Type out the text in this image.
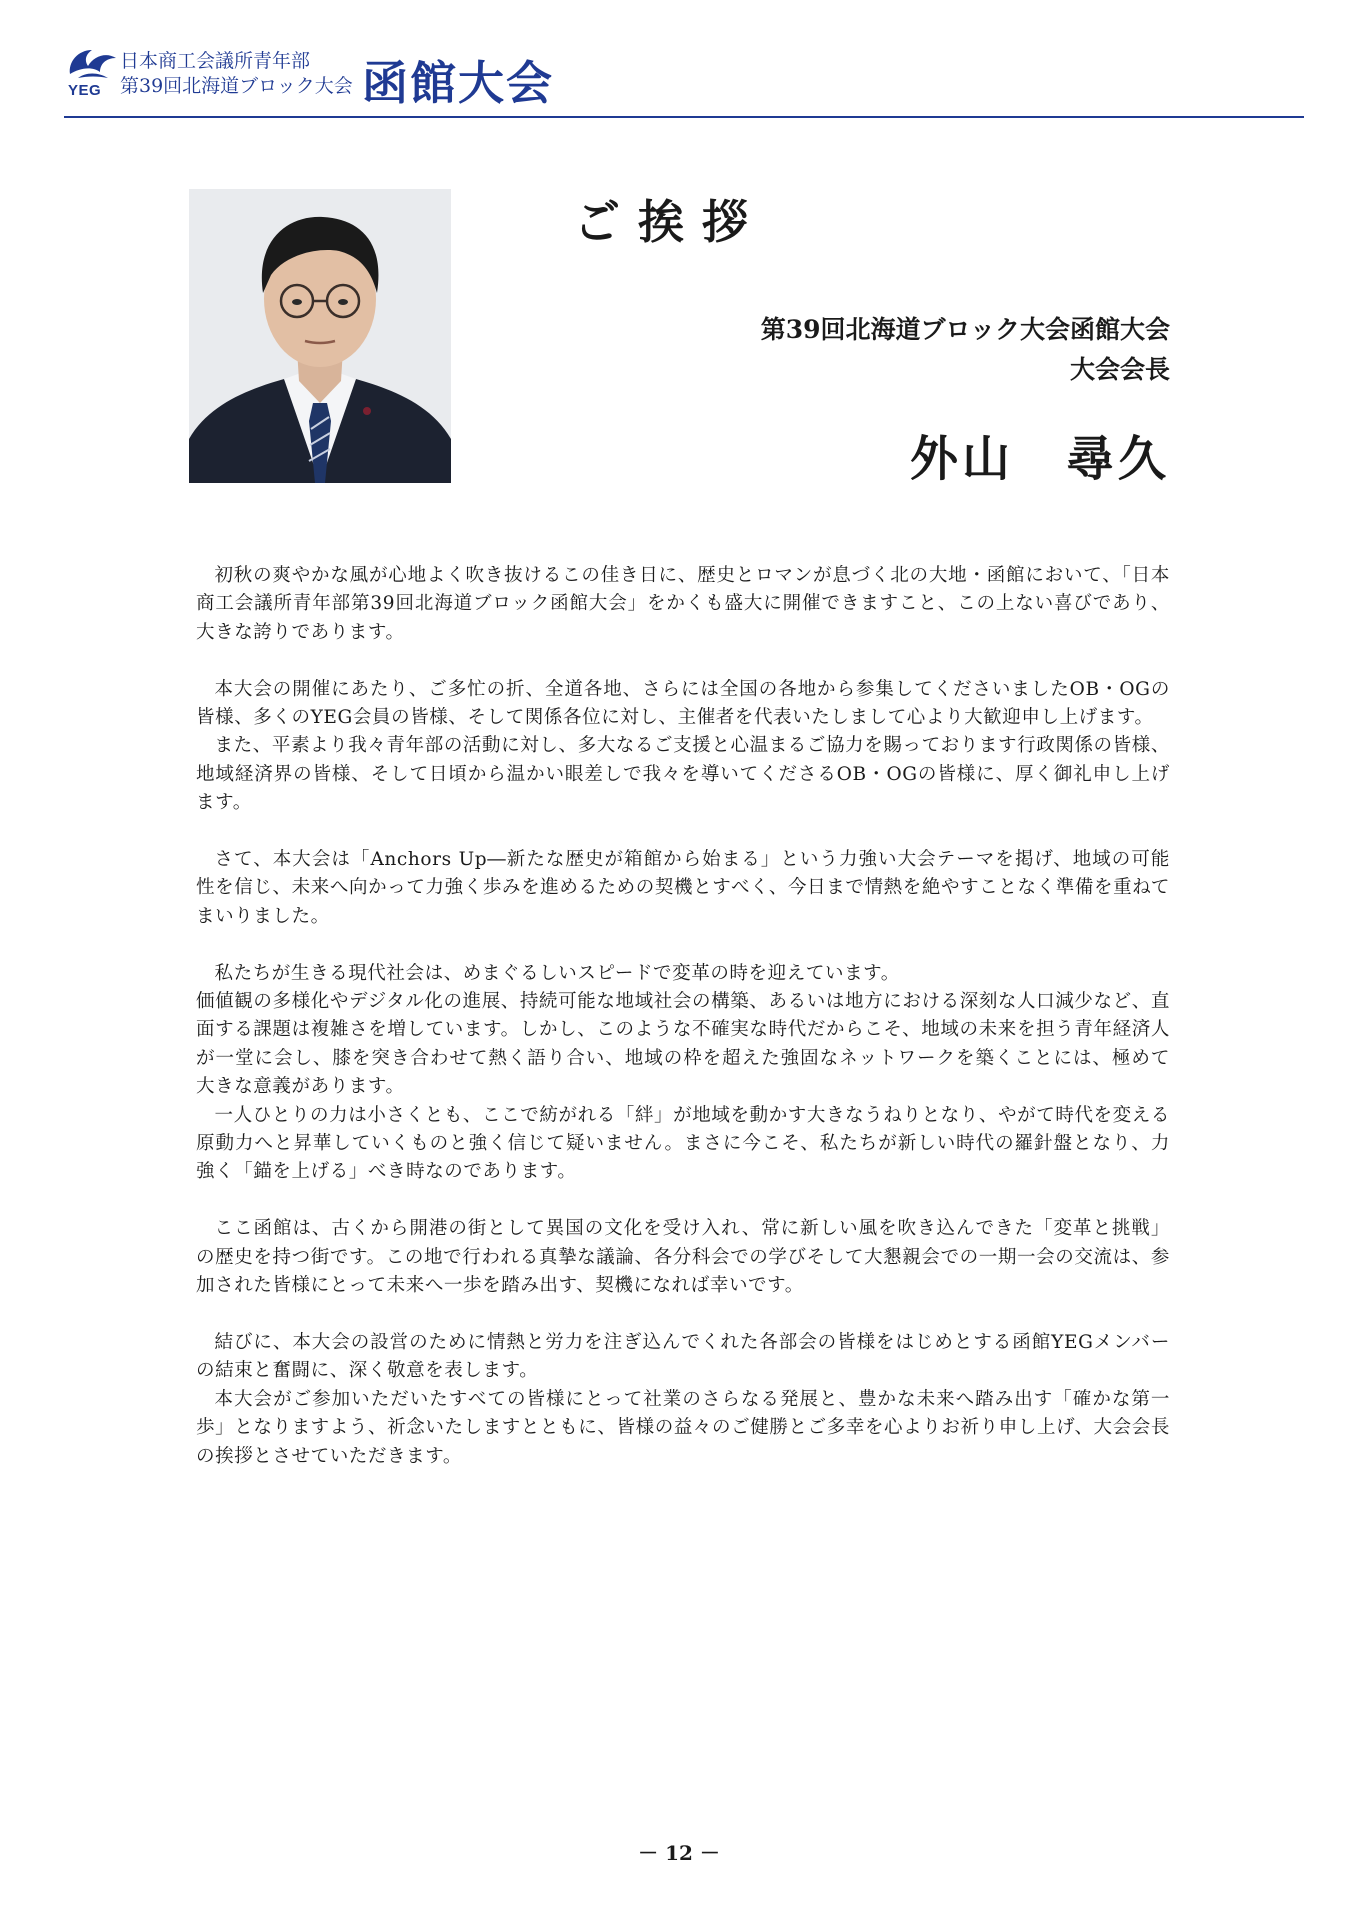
YEG
日本商工会議所青年部
第39回北海道ブロック大会 函館大会
ご挨拶
第39回北海道ブロック大会函館大会
大会会長
外山　尋久

初秋の爽やかな風が心地よく吹き抜けるこの佳き日に、歴史とロマンが息づく北の大地・函館において、「日本商工会議所青年部第39回北海道ブロック函館大会」をかくも盛大に開催できますこと、この上ない喜びであり、大きな誇りであります。

本大会の開催にあたり、ご多忙の折、全道各地、さらには全国の各地から参集してくださいましたOB・OGの皆様、多くのYEG会員の皆様、そして関係各位に対し、主催者を代表いたしまして心より大歓迎申し上げます。

また、平素より我々青年部の活動に対し、多大なるご支援と心温まるご協力を賜っております行政関係の皆様、地域経済界の皆様、そして日頃から温かい眼差しで我々を導いてくださるOB・OGの皆様に、厚く御礼申し上げます。

さて、本大会は「Anchors Up―新たな歴史が箱館から始まる」という力強い大会テーマを掲げ、地域の可能性を信じ、未来へ向かって力強く歩みを進めるための契機とすべく、今日まで情熱を絶やすことなく準備を重ねてまいりました。

私たちが生きる現代社会は、めまぐるしいスピードで変革の時を迎えています。

価値観の多様化やデジタル化の進展、持続可能な地域社会の構築、あるいは地方における深刻な人口減少など、直面する課題は複雑さを増しています。しかし、このような不確実な時代だからこそ、地域の未来を担う青年経済人が一堂に会し、膝を突き合わせて熱く語り合い、地域の枠を超えた強固なネットワークを築くことには、極めて大きな意義があります。

一人ひとりの力は小さくとも、ここで紡がれる「絆」が地域を動かす大きなうねりとなり、やがて時代を変える原動力へと昇華していくものと強く信じて疑いません。まさに今こそ、私たちが新しい時代の羅針盤となり、力強く「錨を上げる」べき時なのであります。

ここ函館は、古くから開港の街として異国の文化を受け入れ、常に新しい風を吹き込んできた「変革と挑戦」の歴史を持つ街です。この地で行われる真摯な議論、各分科会での学びそして大懇親会での一期一会の交流は、参加された皆様にとって未来へ一歩を踏み出す、契機になれば幸いです。

結びに、本大会の設営のために情熱と労力を注ぎ込んでくれた各部会の皆様をはじめとする函館YEGメンバーの結束と奮闘に、深く敬意を表します。

本大会がご参加いただいたすべての皆様にとって社業のさらなる発展と、豊かな未来へ踏み出す「確かな第一歩」となりますよう、祈念いたしますとともに、皆様の益々のご健勝とご多幸を心よりお祈り申し上げ、大会会長の挨拶とさせていただきます。

－ 12 －
